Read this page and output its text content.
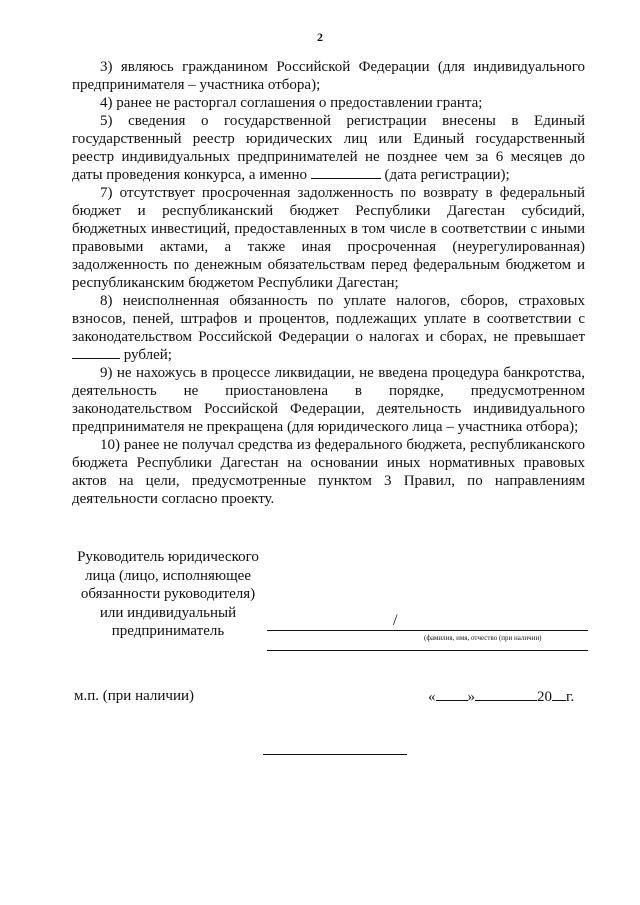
2

3) являюсь гражданином Российской Федерации (для индивидуального предпринимателя – участника отбора);

4) ранее не расторгал соглашения о предоставлении гранта;

5) сведения о государственной регистрации внесены в Единый государственный реестр юридических лиц или Единый государственный реестр индивидуальных предпринимателей не позднее чем за 6 месяцев до даты проведения конкурса, а именно	(дата регистрации);

7) отсутствует просроченная задолженность по возврату в федеральный бюджет и республиканский бюджет Республики Дагестан субсидий, бюджетных инвестиций, предоставленных в том числе в соответствии с иными правовыми актами, а также иная просроченная (неурегулированная) задолженность по денежным обязательствам перед федеральным бюджетом и республиканским бюджетом Республики Дагестан;

8) неисполненная обязанность по уплате налогов, сборов, страховых взносов, пеней, штрафов и процентов, подлежащих уплате в соответствии с законодательством Российской Федерации о налогах и сборах, не превышает  рублей;

9) не нахожусь в процессе ликвидации, не введена процедура банкротства, деятельность не приостановлена в порядке, предусмотренном законодательством Российской Федерации, деятельность индивидуального предпринимателя не прекращена (для юридического лица – участника отбора);

10) ранее не получал средства из федерального бюджета, республиканского бюджета Республики Дагестан на основании иных нормативных правовых актов на цели, предусмотренные пунктом 3 Правил, по направлениям деятельности согласно проекту.

Руководитель юридического
лица (лицо, исполняющее
обязанности руководителя)
или индивидуальный
предприниматель
/
(фамилия, имя, отчество (при наличии)
м.п. (при наличии)	« »	20 г.
